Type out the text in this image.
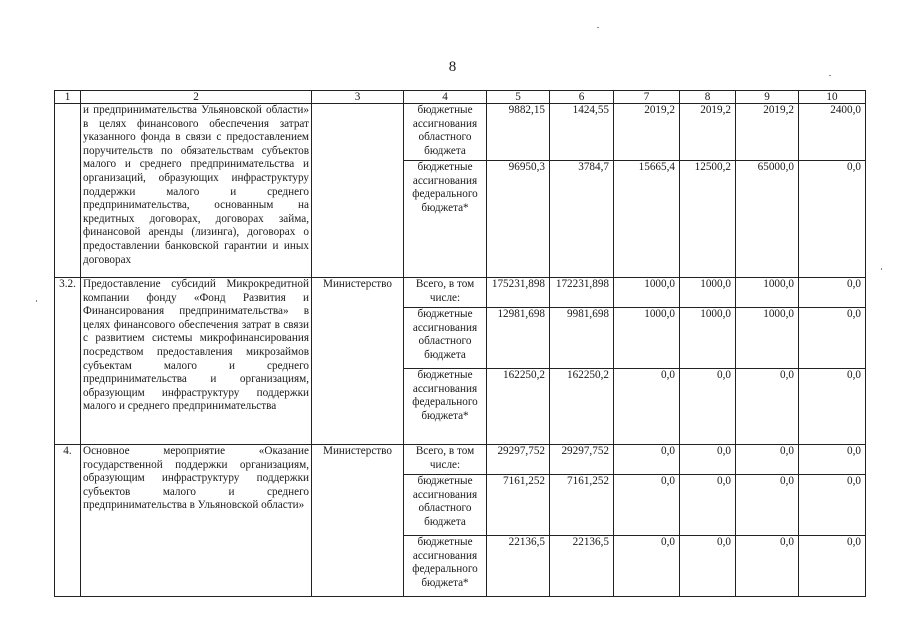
8
1	2	3	4	5	6	7	8	9	10
	и предпринимательства Ульяновской области» в целях финансового обеспечения затрат указанного фонда в связи с предоставлением поручительств по обязательствам субъектов малого и среднего предпринимательства и организаций, образующих инфраструктуру поддержки малого и среднего предпринимательства, основанным на кредитных договорах, договорах займа, финансовой аренды (лизинга), договорах о предоставлении банковской гарантии и иных договорах		бюджетные ассигнования областного бюджета	9882,15	1424,55	2019,2	2019,2	2019,2	2400,0
			бюджетные ассигнования федерального бюджета*	96950,3	3784,7	15665,4	12500,2	65000,0	0,0
3.2.	Предоставление субсидий Микрокредитной компании фонду «Фонд Развития и Финансирования предпринимательства» в целях финансового обеспечения затрат в связи с развитием системы микрофинансирования посредством предоставления микрозаймов субъектам малого и среднего предпринимательства и организациям, образующим инфраструктуру поддержки малого и среднего предпринимательства	Министерство	Всего, в том числе:	175231,898	172231,898	1000,0	1000,0	1000,0	0,0
			бюджетные ассигнования областного бюджета	12981,698	9981,698	1000,0	1000,0	1000,0	0,0
			бюджетные ассигнования федерального бюджета*	162250,2	162250,2	0,0	0,0	0,0	0,0
4.	Основное мероприятие «Оказание государственной поддержки организациям, образующим инфраструктуру поддержки субъектов малого и среднего предпринимательства в Ульяновской области»	Министерство	Всего, в том числе:	29297,752	29297,752	0,0	0,0	0,0	0,0
			бюджетные ассигнования областного бюджета	7161,252	7161,252	0,0	0,0	0,0	0,0
			бюджетные ассигнования федерального бюджета*	22136,5	22136,5	0,0	0,0	0,0	0,0
